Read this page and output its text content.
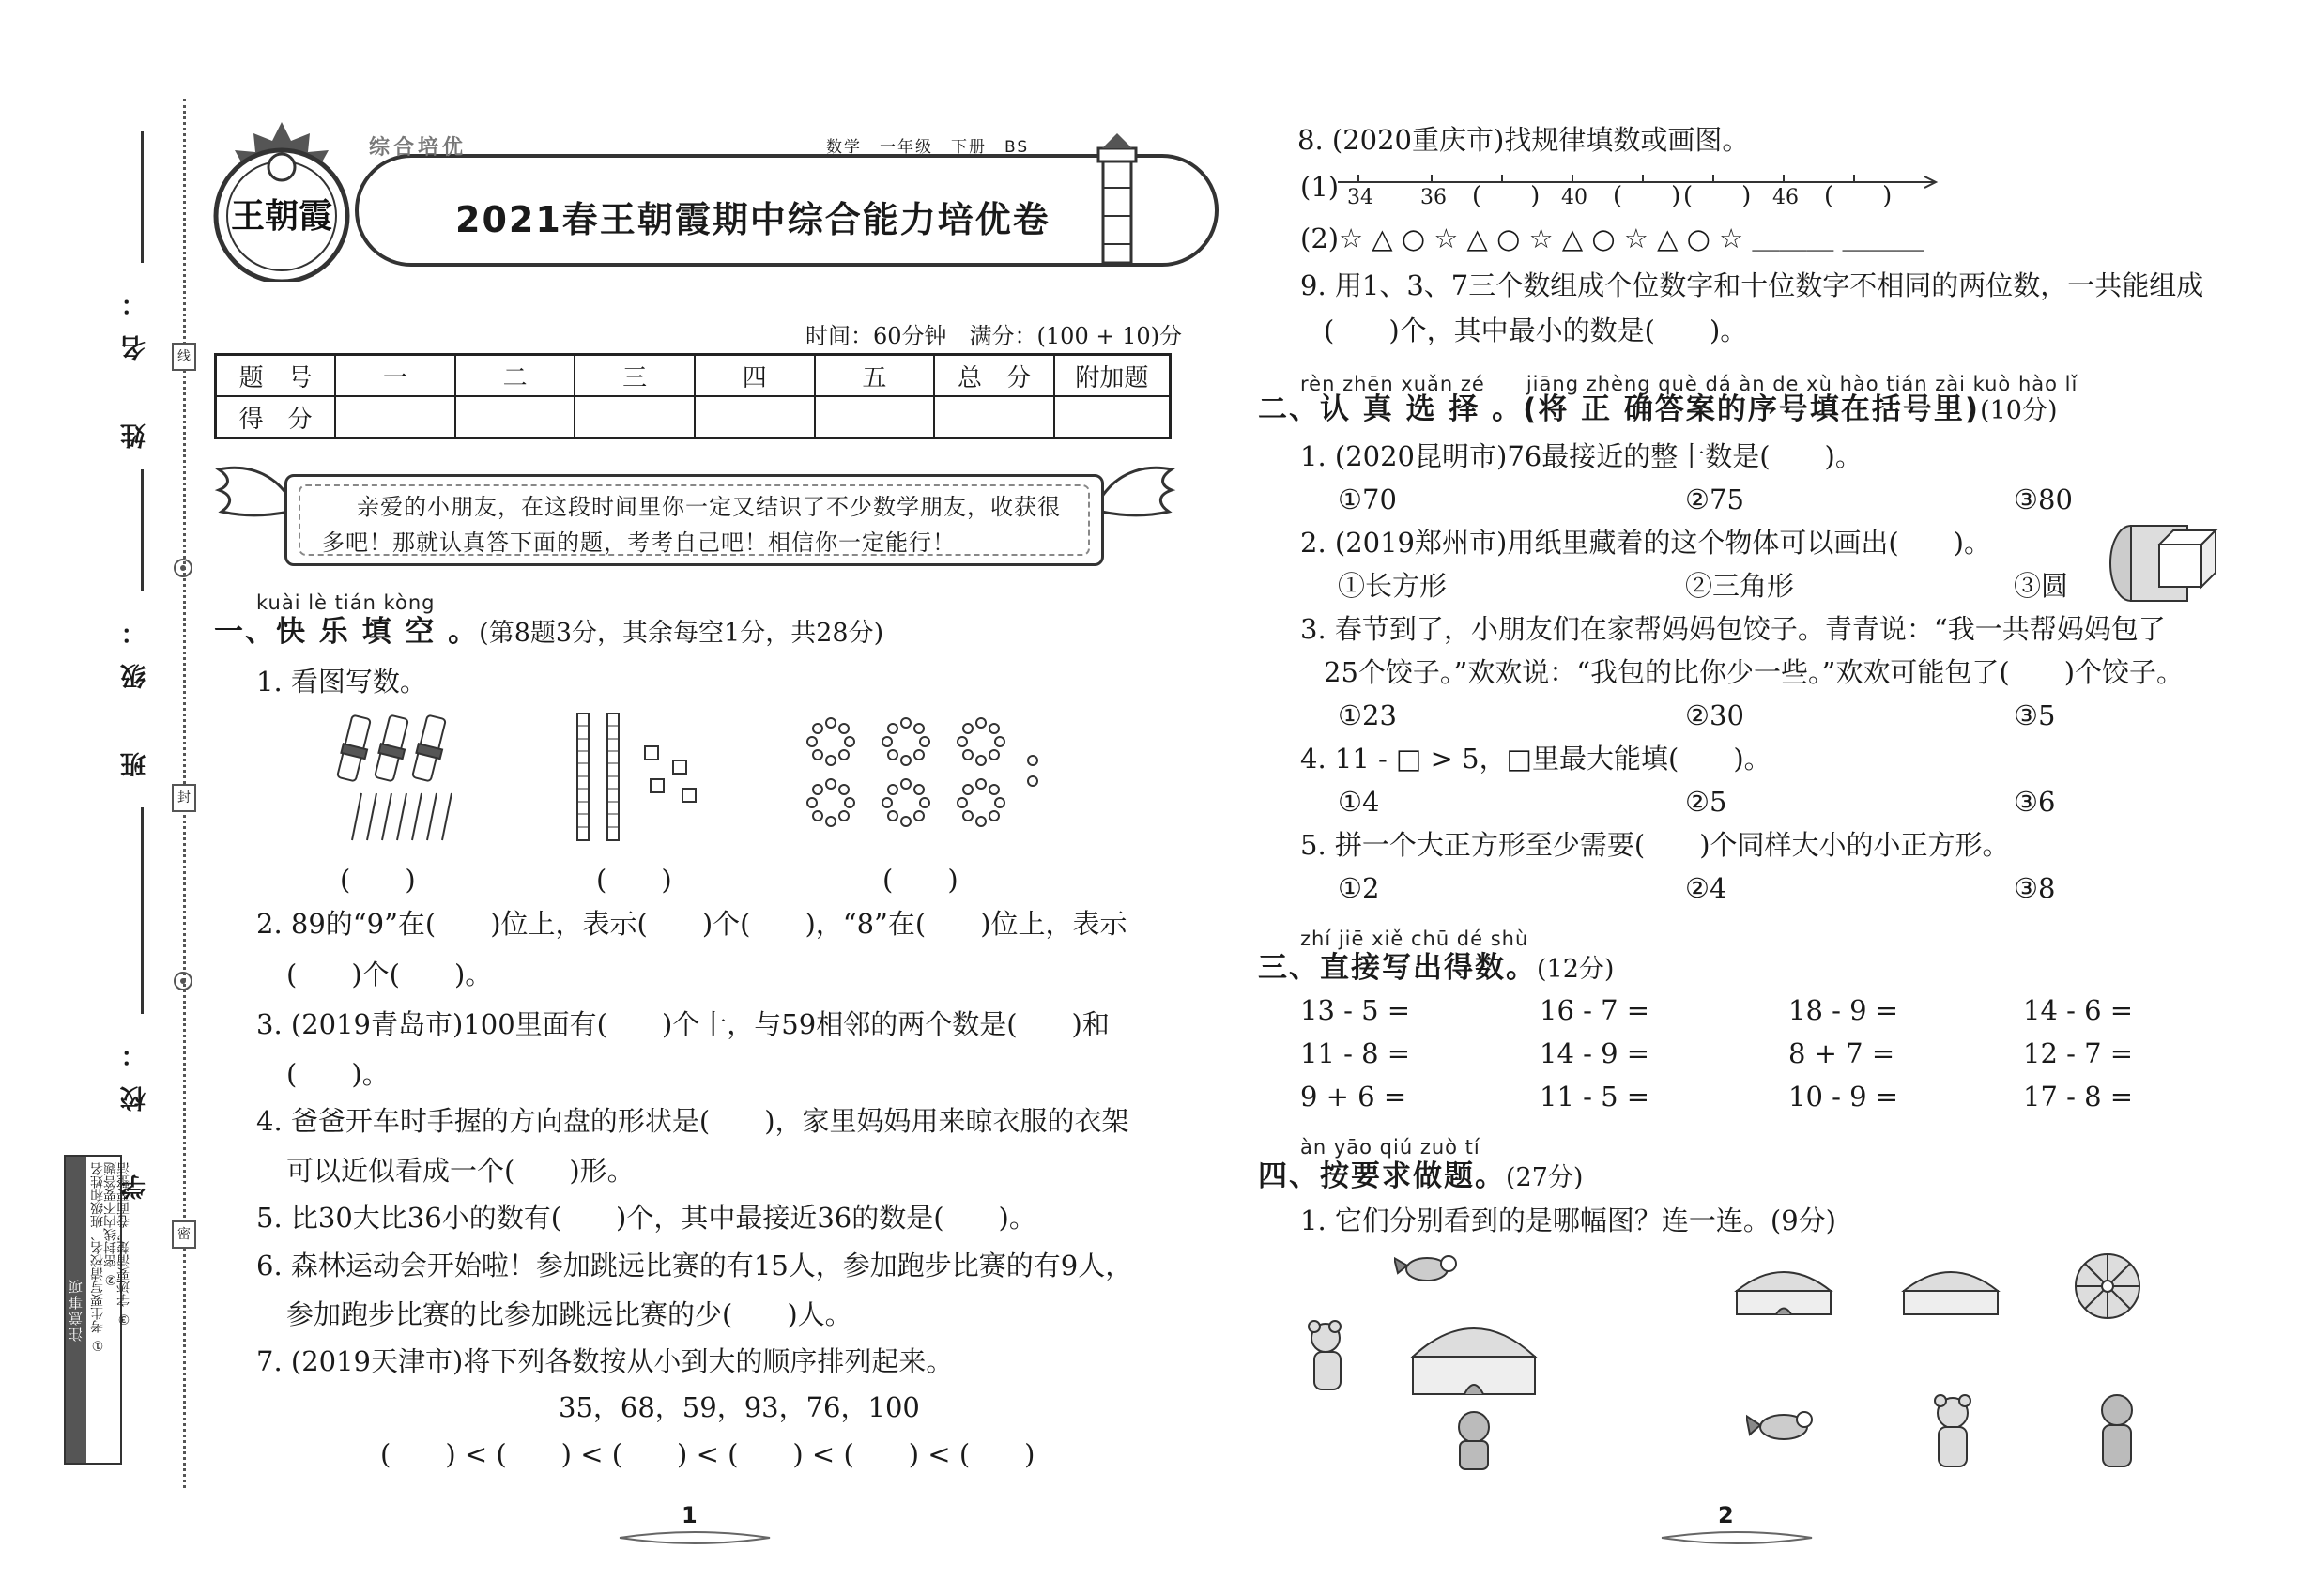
线
封
密
姓　名：
班　级：
学　校：
注意事项 ① 考生要写清校名、班级和姓名
② 密封线内不要答题
③ 字迹要清楚，卷面要整洁
王朝霞
综合培优	数学　一年级　下册　BS
2021春王朝霞期中综合能力培优卷
时间：60分钟　满分：(100 + 10)分
题　号	一	二	三	四	五	总　分	附加题
得　分							
亲爱的小朋友，在这段时间里你一定又结识了不少数学朋友，收获很
多吧！那就认真答下面的题，考考自己吧！相信你一定能行！
kuài lè tián kòng
一、快 乐 填 空 。(第8题3分，其余每空1分，共28分)
1. 看图写数。
(　　)	(　　)	(　　)
2. 89的“9”在(　　)位上，表示(　　)个(　　)，“8”在(　　)位上，表示
(　　)个(　　)。
3. (2019青岛市)100里面有(　　)个十，与59相邻的两个数是(　　)和
(　　)。
4. 爸爸开车时手握的方向盘的形状是(　　)，家里妈妈用来晾衣服的衣架
可以近似看成一个(　　)形。
5. 比30大比36小的数有(　　)个，其中最接近36的数是(　　)。
6. 森林运动会开始啦！参加跳远比赛的有15人，参加跑步比赛的有9人，
参加跑步比赛的比参加跳远比赛的少(　　)人。
7. (2019天津市)将下列各数按从小到大的顺序排列起来。
35，68，59，93，76，100
(　　) < (　　) < (　　) < (　　) < (　　) < (　　)
1
8. (2020重庆市)找规律填数或画图。
(1) 34 36 (　　) 40 (　　) (　　) 46 (　　)
(2)☆ △ ○ ☆ △ ○ ☆ △ ○ ☆ △ ○ ☆ ＿＿＿ ＿＿＿
9. 用1、3、7三个数组成个位数字和十位数字不相同的两位数，一共能组成
(　　)个，其中最小的数是(　　)。
rèn zhēn xuǎn zé　　jiāng zhèng què dá àn de xù hào tián zài kuò hào lǐ
二、认 真 选 择 。(将 正 确答案的序号填在括号里)(10分)
1. (2020昆明市)76最接近的整十数是(　　)。
①70	②75	③80
2. (2019郑州市)用纸里藏着的这个物体可以画出(　　)。
①长方形	②三角形	③圆
3. 春节到了，小朋友们在家帮妈妈包饺子。青青说：“我一共帮妈妈包了
25个饺子。”欢欢说：“我包的比你少一些。”欢欢可能包了(　　)个饺子。
①23	②30	③5
4. 11 - □ > 5，□里最大能填(　　)。
①4	②5	③6
5. 拼一个大正方形至少需要(　　)个同样大小的小正方形。
①2	②4	③8
zhí jiē xiě chū dé shù
三、直接写出得数。(12分)
13 - 5 =	16 - 7 =	18 - 9 =	14 - 6 =
11 - 8 =	14 - 9 =	8 + 7 =	12 - 7 =
9 + 6 =	11 - 5 =	10 - 9 =	17 - 8 =
àn yāo qiú zuò tí
四、按要求做题。(27分)
1. 它们分别看到的是哪幅图？连一连。(9分)
2
